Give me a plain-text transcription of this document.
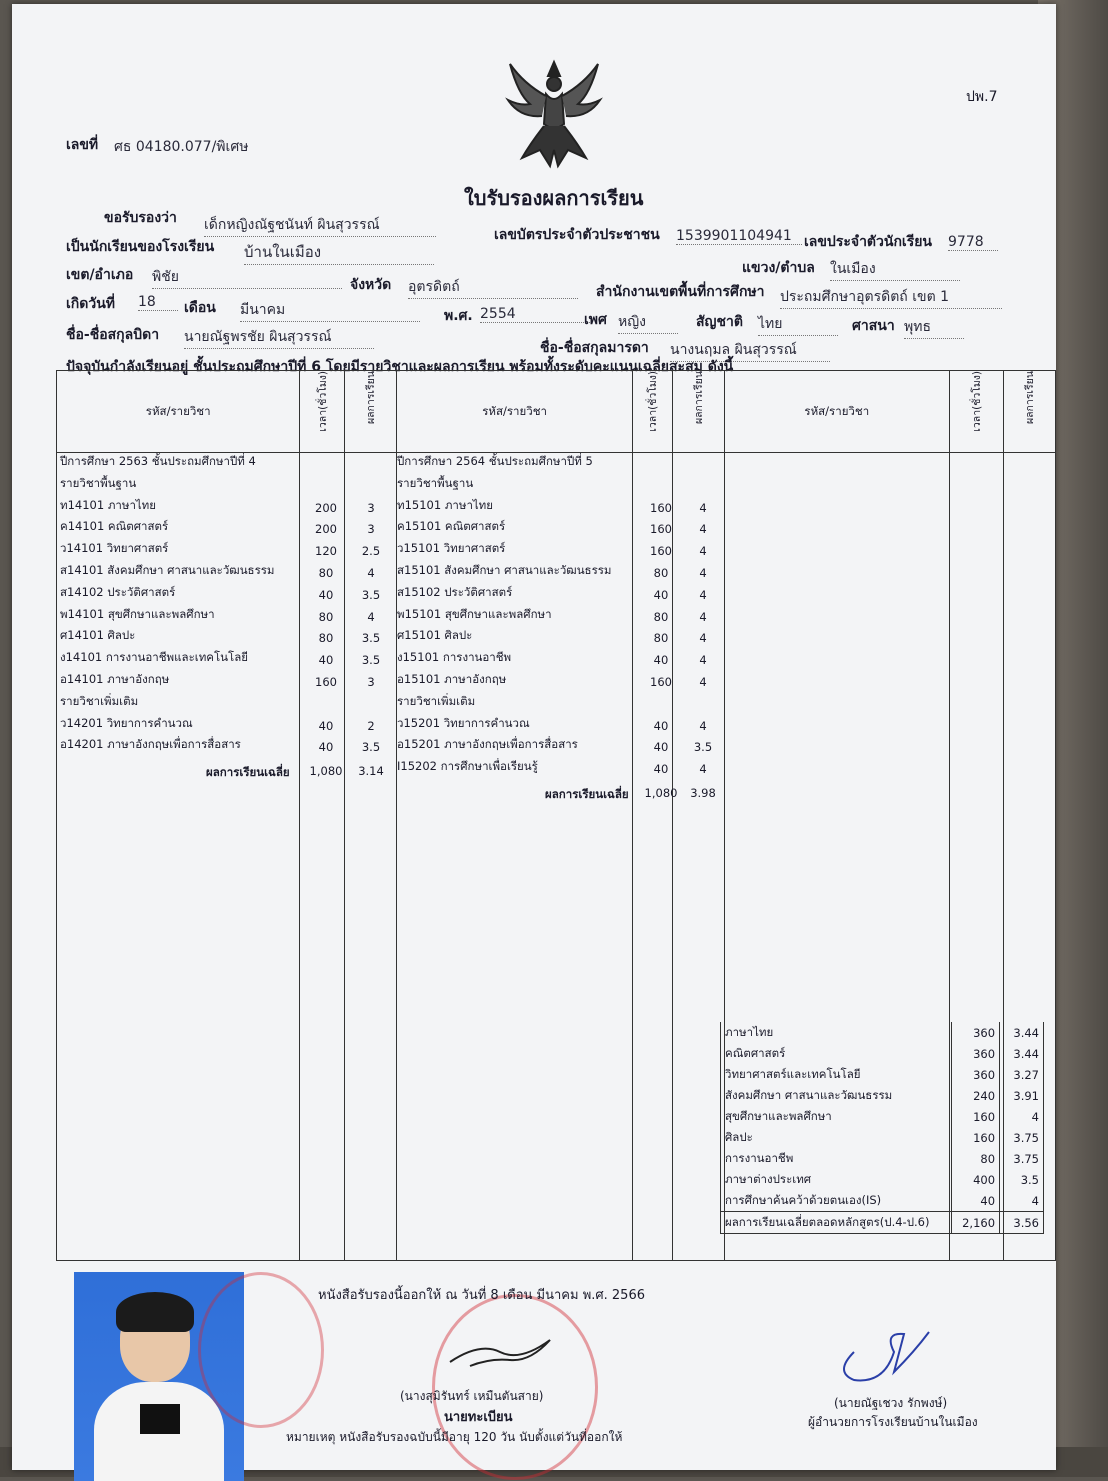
ปพ.7
เลขที่ ศธ 04180.077/พิเศษ
ใบรับรองผลการเรียน
ขอรับรองว่า เด็กหญิงณัฐชนันท์ ผินสุวรรณ์
เลขบัตรประจำตัวประชาชน 1539901104941 เลขประจำตัวนักเรียน 9778
เป็นนักเรียนของโรงเรียน บ้านในเมือง
แขวง/ตำบล ในเมือง
เขต/อำเภอ พิชัย	จังหวัด อุตรดิตถ์	สำนักงานเขตพื้นที่การศึกษา ประถมศึกษาอุตรดิตถ์ เขต 1
เกิดวันที่ 18	เดือน มีนาคม	พ.ศ. 2554	เพศ หญิง	สัญชาติ ไทย	ศาสนา พุทธ
ชื่อ-ชื่อสกุลบิดา นายณัฐพรชัย ผินสุวรรณ์
ชื่อ-ชื่อสกุลมารดา นางนฤมล ผินสุวรรณ์
ปัจจุบันกำลังเรียนอยู่ ชั้นประถมศึกษาปีที่ 6 โดยมีรายวิชาและผลการเรียน พร้อมทั้งระดับคะแนนเฉลี่ยสะสม ดังนี้
รหัส/รายวิชา	เวลา(ชั่วโมง)	ผลการเรียน	รหัส/รายวิชา	เวลา(ชั่วโมง)	ผลการเรียน	รหัส/รายวิชา	เวลา(ชั่วโมง)	ผลการเรียน

ปีการศึกษา 2563 ชั้นประถมศึกษาปีที่ 4
รายวิชาพื้นฐาน
ท14101 ภาษาไทย	200	3
ค14101 คณิตศาสตร์	200	3
ว14101 วิทยาศาสตร์	120	2.5
ส14101 สังคมศึกษา ศาสนาและวัฒนธรรม	80	4
ส14102 ประวัติศาสตร์	40	3.5
พ14101 สุขศึกษาและพลศึกษา	80	4
ศ14101 ศิลปะ	80	3.5
ง14101 การงานอาชีพและเทคโนโลยี	40	3.5
อ14101 ภาษาอังกฤษ	160	3
รายวิชาเพิ่มเติม
ว14201 วิทยาการคำนวณ	40	2
อ14201 ภาษาอังกฤษเพื่อการสื่อสาร	40	3.5
ผลการเรียนเฉลี่ย	1,080	3.14
ปีการศึกษา 2564 ชั้นประถมศึกษาปีที่ 5
รายวิชาพื้นฐาน
ท15101 ภาษาไทย	160	4
ค15101 คณิตศาสตร์	160	4
ว15101 วิทยาศาสตร์	160	4
ส15101 สังคมศึกษา ศาสนาและวัฒนธรรม	80	4
ส15102 ประวัติศาสตร์	40	4
พ15101 สุขศึกษาและพลศึกษา	80	4
ศ15101 ศิลปะ	80	4
ง15101 การงานอาชีพ	40	4
อ15101 ภาษาอังกฤษ	160	4
รายวิชาเพิ่มเติม
ว15201 วิทยาการคำนวณ	40	4
อ15201 ภาษาอังกฤษเพื่อการสื่อสาร	40	3.5
I15202 การศึกษาเพื่อเรียนรู้	40	4
ผลการเรียนเฉลี่ย	1,080	3.98
ภาษาไทย	360	3.44
คณิตศาสตร์	360	3.44
วิทยาศาสตร์และเทคโนโลยี	360	3.27
สังคมศึกษา ศาสนาและวัฒนธรรม	240	3.91
สุขศึกษาและพลศึกษา	160	4
ศิลปะ	160	3.75
การงานอาชีพ	80	3.75
ภาษาต่างประเทศ	400	3.5
การศึกษาค้นคว้าด้วยตนเอง(IS)	40	4
ผลการเรียนเฉลี่ยตลอดหลักสูตร(ป.4-ป.6)	2,160	3.56
หนังสือรับรองนี้ออกให้ ณ วันที่ 8 เดือน มีนาคม พ.ศ. 2566
(นางสุมิรันทร์ เหมืนตันสาย)
นายทะเบียน
(นายณัฐเชวง รักพงษ์)
ผู้อำนวยการโรงเรียนบ้านในเมือง
หมายเหตุ หนังสือรับรองฉบับนี้มีอายุ 120 วัน นับตั้งแต่วันที่ออกให้
